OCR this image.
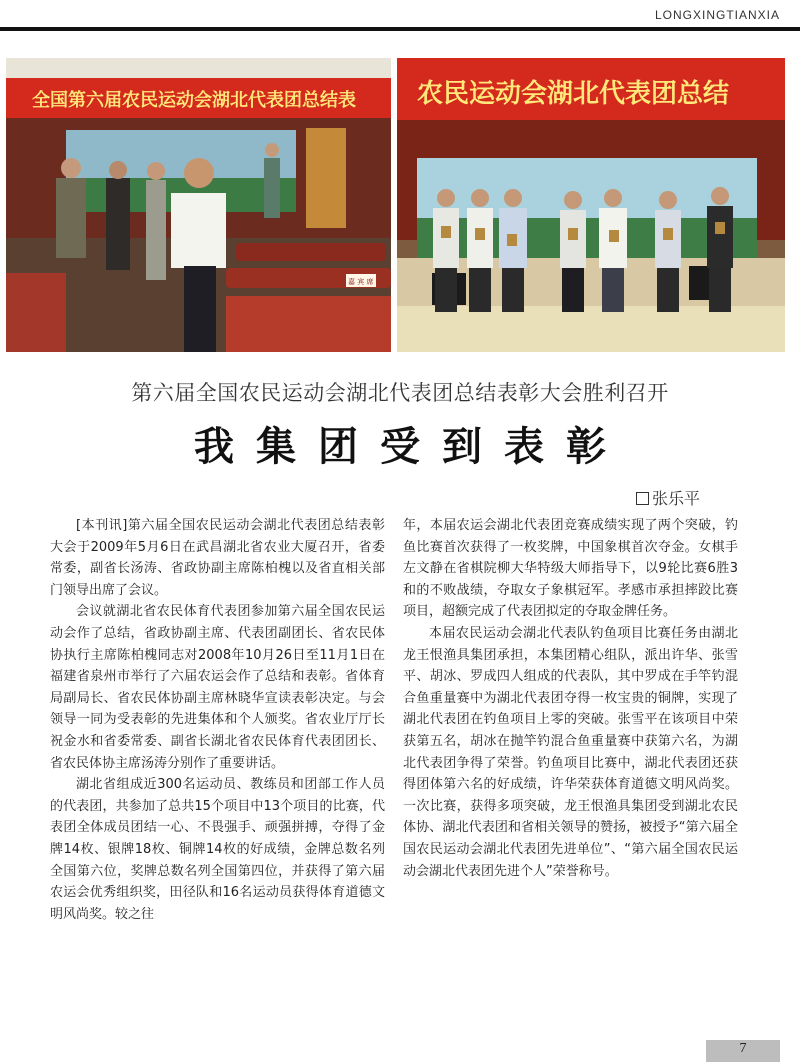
LONGXINGTIANXIA
全国第六届农民运动会湖北代表团总结表
嘉 宾 席
农民运动会湖北代表团总结
第六届全国农民运动会湖北代表团总结表彰大会胜利召开
我集团受到表彰
张乐平

[本刊讯]第六届全国农民运动会湖北代表团总结表彰大会于2009年5月6日在武昌湖北省农业大厦召开，省委常委，副省长汤涛、省政协副主席陈柏槐以及省直相关部门领导出席了会议。

会议就湖北省农民体育代表团参加第六届全国农民运动会作了总结，省政协副主席、代表团副团长、省农民体协执行主席陈柏槐同志对2008年10月26日至11月1日在福建省泉州市举行了六届农运会作了总结和表彰。省体育局副局长、省农民体协副主席林晓华宣读表彰决定。与会领导一同为受表彰的先进集体和个人颁奖。省农业厅厅长祝金水和省委常委、副省长湖北省农民体育代表团团长、省农民体协主席汤涛分别作了重要讲话。

湖北省组成近300名运动员、教练员和团部工作人员的代表团，共参加了总共15个项目中13个项目的比赛，代表团全体成员团结一心、不畏强手、顽强拼搏，夺得了金牌14枚、银牌18枚、铜牌14枚的好成绩，金牌总数名列全国第六位，奖牌总数名列全国第四位，并获得了第六届农运会优秀组织奖，田径队和16名运动员获得体育道德文明风尚奖。较之往

年，本届农运会湖北代表团竞赛成绩实现了两个突破，钓鱼比赛首次获得了一枚奖牌，中国象棋首次夺金。女棋手左文静在省棋院柳大华特级大师指导下，以9轮比赛6胜3和的不败战绩，夺取女子象棋冠军。孝感市承担摔跤比赛项目，超额完成了代表团拟定的夺取金牌任务。

本届农民运动会湖北代表队钓鱼项目比赛任务由湖北龙王恨渔具集团承担，本集团精心组队，派出许华、张雪平、胡冰、罗成四人组成的代表队，其中罗成在手竿钓混合鱼重量赛中为湖北代表团夺得一枚宝贵的铜牌，实现了湖北代表团在钓鱼项目上零的突破。张雪平在该项目中荣获第五名，胡冰在抛竿钓混合鱼重量赛中获第六名，为湖北代表团争得了荣誉。钓鱼项目比赛中，湖北代表团还获得团体第六名的好成绩，许华荣获体育道德文明风尚奖。一次比赛，获得多项突破，龙王恨渔具集团受到湖北农民体协、湖北代表团和省相关领导的赞扬，被授予“第六届全国农民运动会湖北代表团先进单位”、“第六届全国农民运动会湖北代表团先进个人”荣誉称号。

7
